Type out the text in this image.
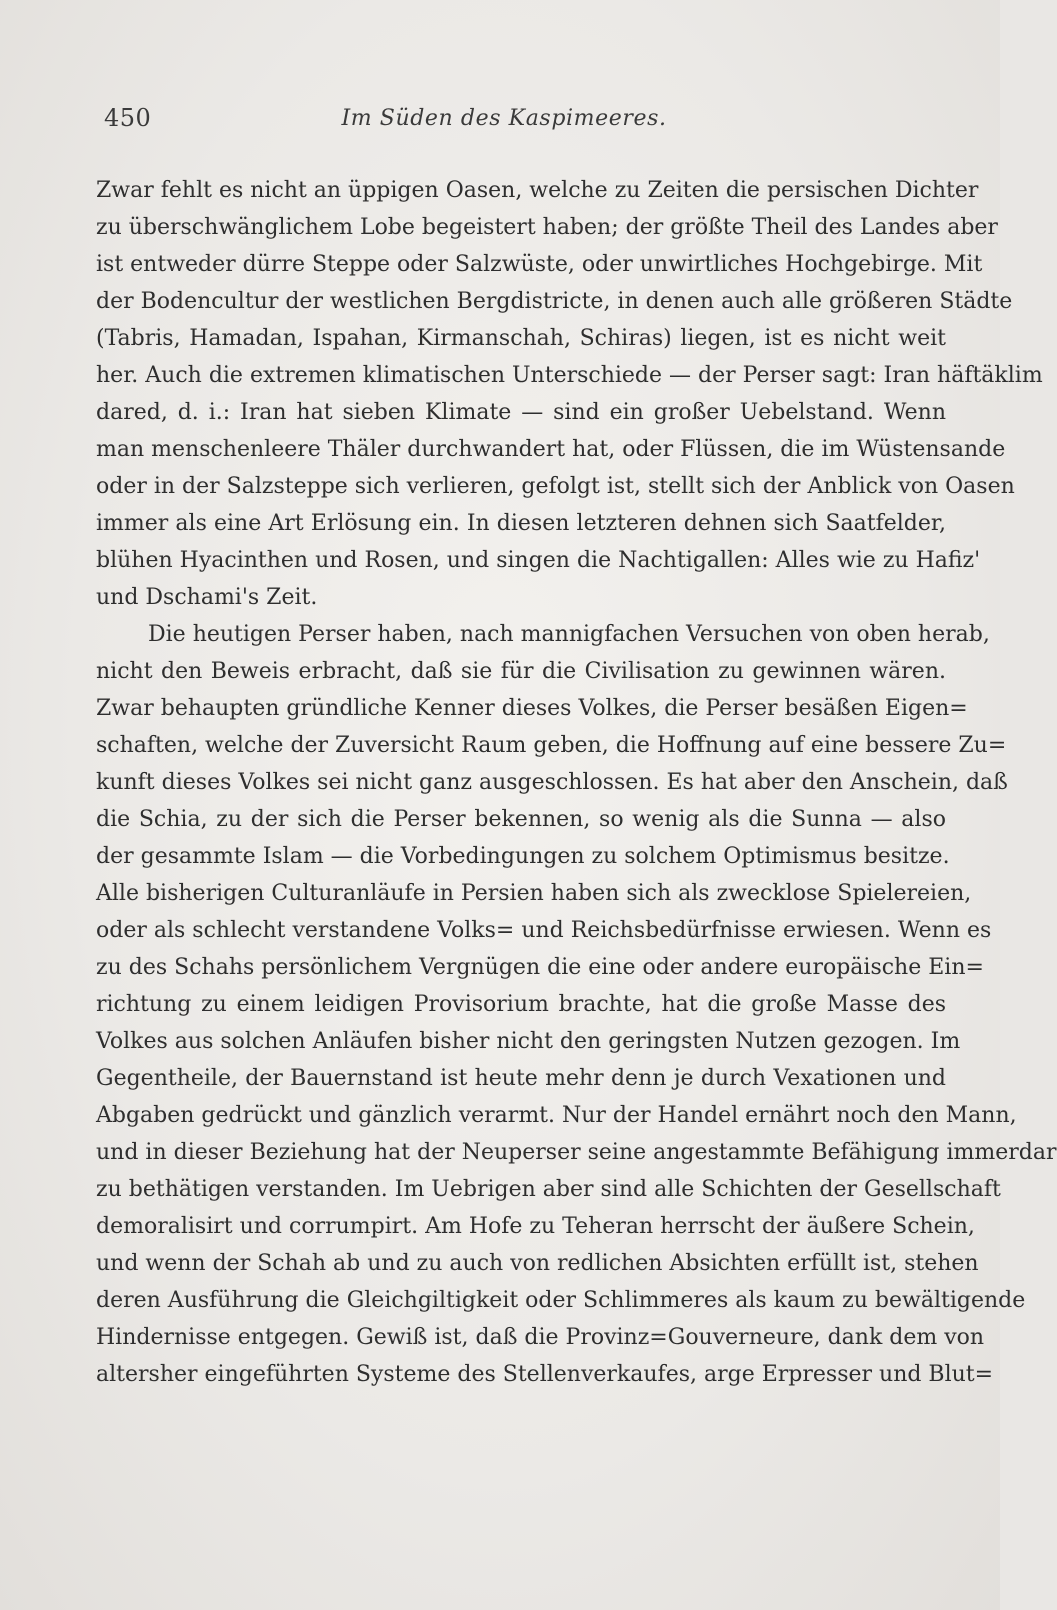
450	Im Süden des Kaspimeeres.
Zwar fehlt es nicht an üppigen Oasen, welche zu Zeiten die persischen Dichter
zu überschwänglichem Lobe begeistert haben; der größte Theil des Landes aber
ist entweder dürre Steppe oder Salzwüste, oder unwirtliches Hochgebirge. Mit
der Bodencultur der westlichen Bergdistricte, in denen auch alle größeren Städte
(Tabris, Hamadan, Ispahan, Kirmanschah, Schiras) liegen, ist es nicht weit
her. Auch die extremen klimatischen Unterschiede — der Perser sagt: Iran häftäklim
dared, d. i.: Iran hat sieben Klimate — sind ein großer Uebelstand. Wenn
man menschenleere Thäler durchwandert hat, oder Flüssen, die im Wüstensande
oder in der Salzsteppe sich verlieren, gefolgt ist, stellt sich der Anblick von Oasen
immer als eine Art Erlösung ein. In diesen letzteren dehnen sich Saatfelder,
blühen Hyacinthen und Rosen, und singen die Nachtigallen: Alles wie zu Hafiz'
und Dschami's Zeit.
Die heutigen Perser haben, nach mannigfachen Versuchen von oben herab,
nicht den Beweis erbracht, daß sie für die Civilisation zu gewinnen wären.
Zwar behaupten gründliche Kenner dieses Volkes, die Perser besäßen Eigen=
schaften, welche der Zuversicht Raum geben, die Hoffnung auf eine bessere Zu=
kunft dieses Volkes sei nicht ganz ausgeschlossen. Es hat aber den Anschein, daß
die Schia, zu der sich die Perser bekennen, so wenig als die Sunna — also
der gesammte Islam — die Vorbedingungen zu solchem Optimismus besitze.
Alle bisherigen Culturanläufe in Persien haben sich als zwecklose Spielereien,
oder als schlecht verstandene Volks= und Reichsbedürfnisse erwiesen. Wenn es
zu des Schahs persönlichem Vergnügen die eine oder andere europäische Ein=
richtung zu einem leidigen Provisorium brachte, hat die große Masse des
Volkes aus solchen Anläufen bisher nicht den geringsten Nutzen gezogen. Im
Gegentheile, der Bauernstand ist heute mehr denn je durch Vexationen und
Abgaben gedrückt und gänzlich verarmt. Nur der Handel ernährt noch den Mann,
und in dieser Beziehung hat der Neuperser seine angestammte Befähigung immerdar
zu bethätigen verstanden. Im Uebrigen aber sind alle Schichten der Gesellschaft
demoralisirt und corrumpirt. Am Hofe zu Teheran herrscht der äußere Schein,
und wenn der Schah ab und zu auch von redlichen Absichten erfüllt ist, stehen
deren Ausführung die Gleichgiltigkeit oder Schlimmeres als kaum zu bewältigende
Hindernisse entgegen. Gewiß ist, daß die Provinz=Gouverneure, dank dem von
altersher eingeführten Systeme des Stellenverkaufes, arge Erpresser und Blut=
